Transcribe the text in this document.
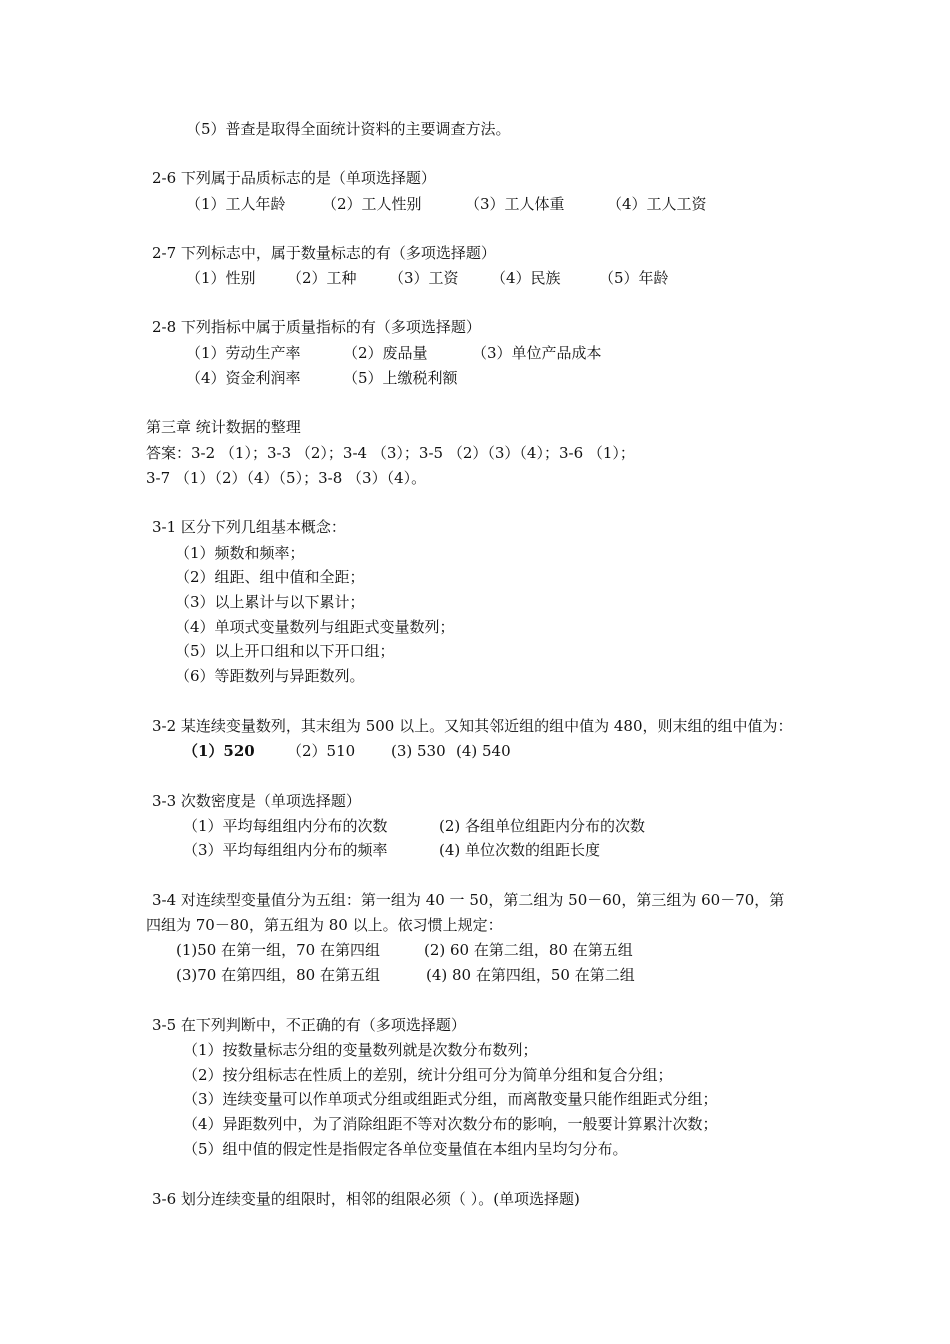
（5）普查是取得全面统计资料的主要调查方法。
2-6 下列属于品质标志的是（单项选择题）
（1）工人年龄 （2）工人性别	（3）工人体重	（4）工人工资
2-7 下列标志中，属于数量标志的有（多项选择题）
（1）性别 （2）工种 （3）工资 （4）民族	（5）年龄
2-8 下列指标中属于质量指标的有（多项选择题）
（1）劳动生产率	（2）废品量	（3）单位产品成本
（4）资金利润率	（5）上缴税利额
第三章 统计数据的整理
答案：3-2 （1）；3-3 （2）；3-4 （3）；3-5 （2）（3）（4）；3-6 （1）；
3-7 （1）（2）（4）（5）；3-8 （3）（4）。
3-1 区分下列几组基本概念：
（1）频数和频率；
（2）组距、组中值和全距；
（3）以上累计与以下累计；
（4）单项式变量数列与组距式变量数列；
（5）以上开口组和以下开口组；
（6）等距数列与异距数列。
3-2 某连续变量数列，其末组为 500 以上。又知其邻近组的组中值为 480，则末组的组中值为：
（1）520 （2）510 (3) 530 (4) 540
3-3 次数密度是（单项选择题）
（1）平均每组组内分布的次数	(2) 各组单位组距内分布的次数
（3）平均每组组内分布的频率	(4) 单位次数的组距长度
3-4 对连续型变量值分为五组：第一组为 40 一 50，第二组为 50－60，第三组为 60－70，第
四组为 70－80，第五组为 80 以上。依习惯上规定：
(1)50 在第一组，70 在第四组	(2) 60 在第二组，80 在第五组
(3)70 在第四组，80 在第五组	(4) 80 在第四组，50 在第二组
3-5 在下列判断中，不正确的有（多项选择题）
（1）按数量标志分组的变量数列就是次数分布数列；
（2）按分组标志在性质上的差别，统计分组可分为简单分组和复合分组；
（3）连续变量可以作单项式分组或组距式分组，而离散变量只能作组距式分组；
（4）异距数列中，为了消除组距不等对次数分布的影响，一般要计算累汁次数；
（5）组中值的假定性是指假定各单位变量值在本组内呈均匀分布。
3-6 划分连续变量的组限时，相邻的组限必须（ ）。(单项选择题)
